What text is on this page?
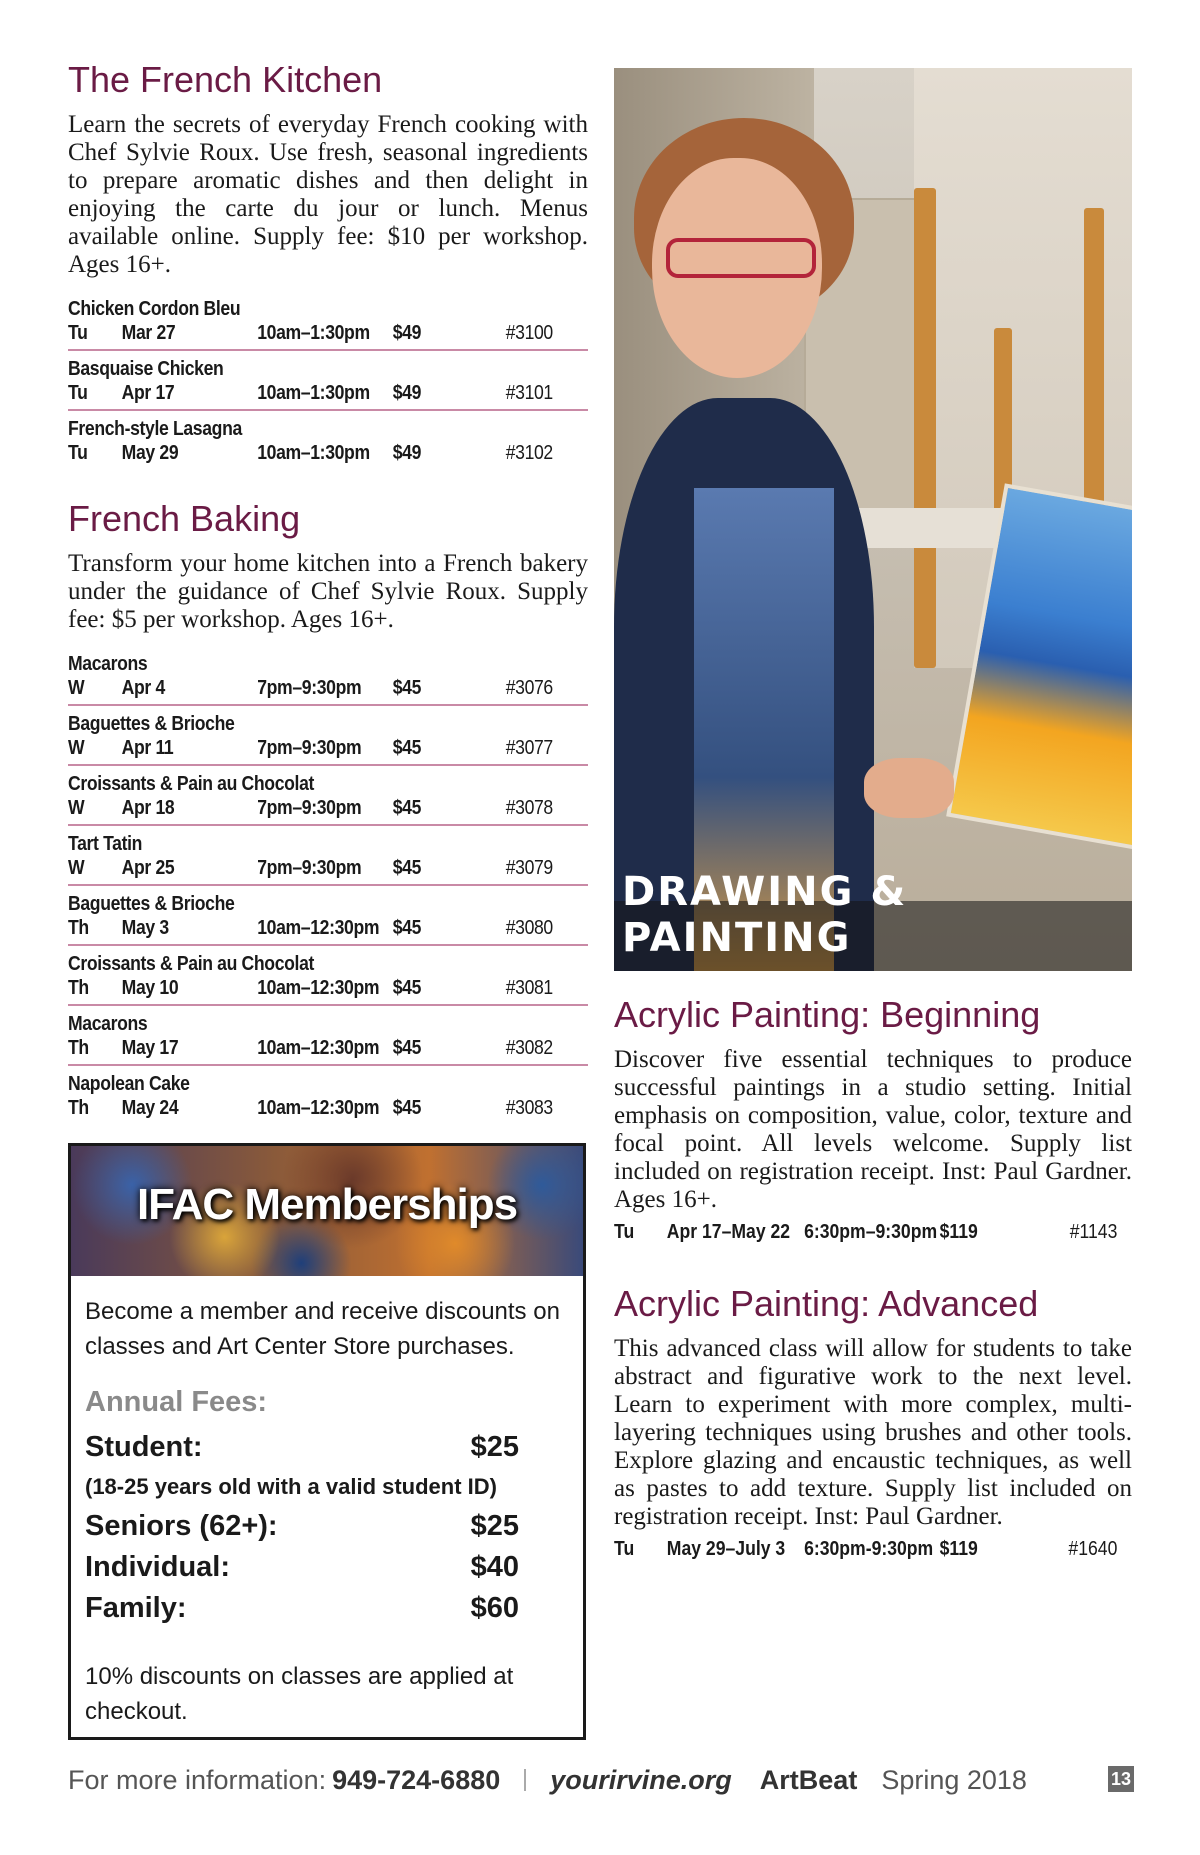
The French Kitchen

Learn the secrets of everyday French cooking with Chef Sylvie Roux. Use fresh, seasonal ingredients to prepare aromatic dishes and then delight in enjoying the carte du jour or lunch. Menus available online. Supply fee: $10 per workshop. Ages 16+.

Chicken Cordon Bleu
Tu	Mar 27	10am–1:30pm	$49	#3100
Basquaise Chicken
Tu	Apr 17	10am–1:30pm	$49	#3101
French-style Lasagna
Tu	May 29	10am–1:30pm	$49	#3102
French Baking

Transform your home kitchen into a French bakery under the guidance of Chef Sylvie Roux. Supply fee: $5 per workshop. Ages 16+.

Macarons
W	Apr 4	7pm–9:30pm	$45	#3076
Baguettes & Brioche
W	Apr 11	7pm–9:30pm	$45	#3077
Croissants & Pain au Chocolat
W	Apr 18	7pm–9:30pm	$45	#3078
Tart Tatin
W	Apr 25	7pm–9:30pm	$45	#3079
Baguettes & Brioche
Th	May 3	10am–12:30pm $45	#3080
Croissants & Pain au Chocolat
Th	May 10	10am–12:30pm $45	#3081
Macarons
Th	May 17	10am–12:30pm $45	#3082
Napolean Cake
Th	May 24	10am–12:30pm $45	#3083
IFAC Memberships

Become a member and receive discounts on classes and Art Center Store purchases.

Annual Fees:
Student:	$25
(18-25 years old with a valid student ID)
Seniors (62+):	$25
Individual:	$40
Family:	$60

10% discounts on classes are applied at checkout.

DRAWING & PAINTING
Acrylic Painting: Beginning

Discover five essential techniques to produce successful paintings in a studio setting. Initial emphasis on composition, value, color, texture and focal point. All levels welcome. Supply list included on registration receipt. Inst: Paul Gardner. Ages 16+.

Tu	Apr 17–May 22 6:30pm–9:30pm $119	#1143
Acrylic Painting: Advanced

This advanced class will allow for students to take abstract and figurative work to the next level. Learn to experiment with more complex, multi-layering techniques using brushes and other tools. Explore glazing and encaustic techniques, as well as pastes to add texture. Supply list included on registration receipt. Inst: Paul Gardner.

Tu	May 29–July 3 6:30pm-9:30pm $119	#1640
For more information: 949-724-6880 yourirvine.org ArtBeat Spring 2018	13
